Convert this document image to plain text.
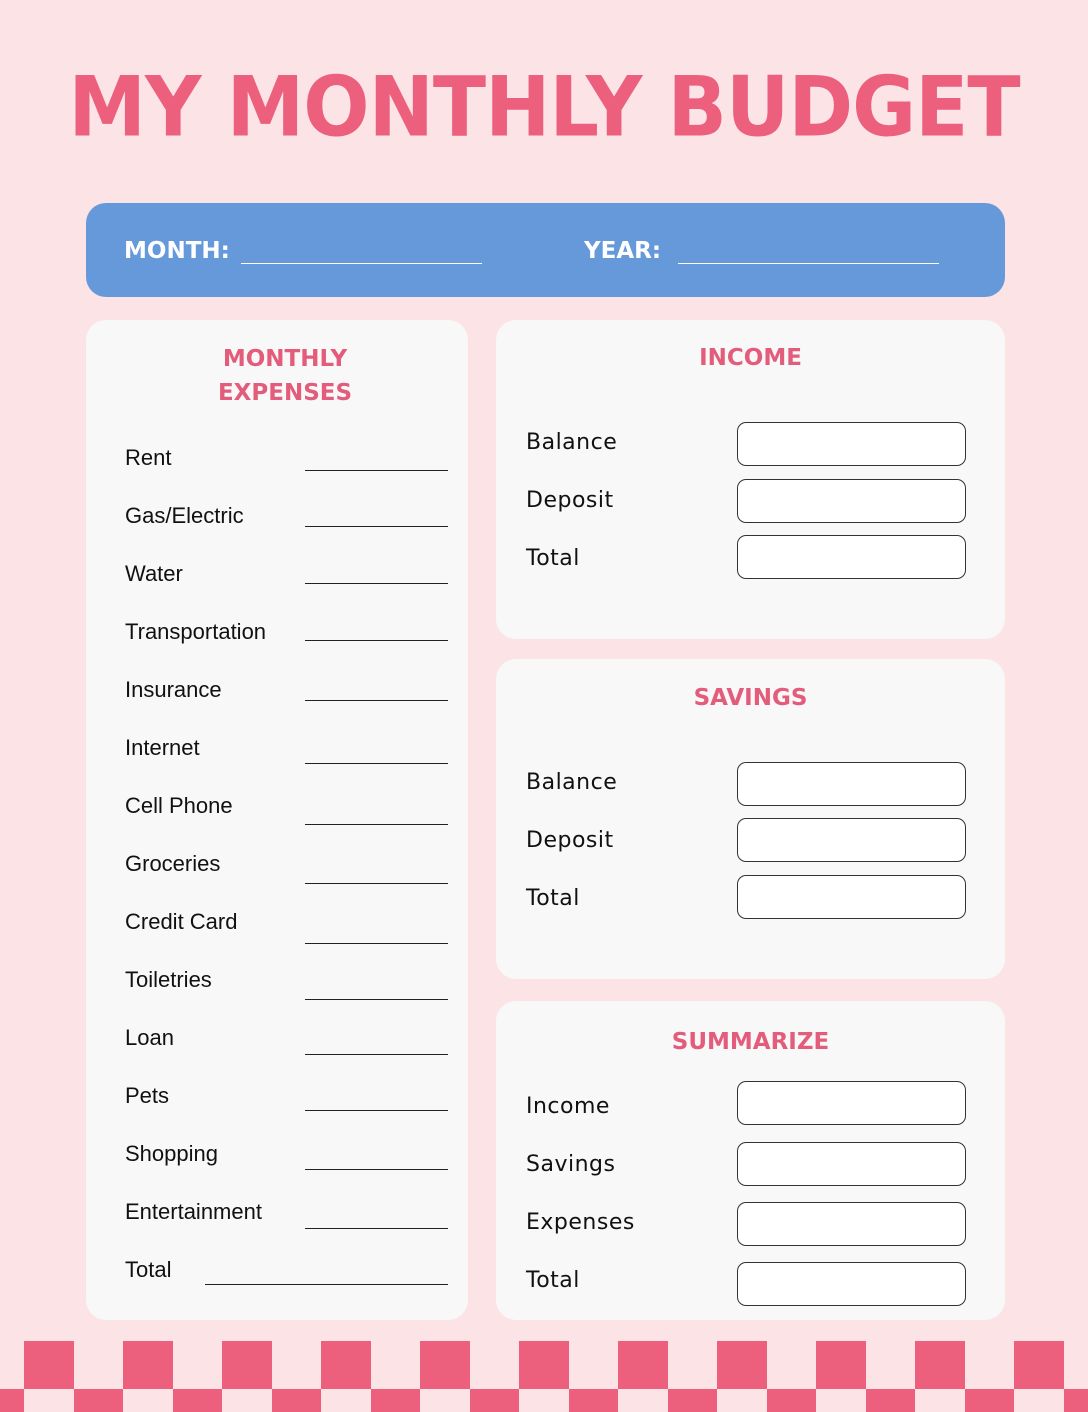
MY MONTHLY BUDGET
MONTH:	YEAR:
MONTHLY
EXPENSES
Rent
Gas/Electric
Water
Transportation
Insurance
Internet
Cell Phone
Groceries
Credit Card
Toiletries
Loan
Pets
Shopping
Entertainment
Total
INCOME
Balance
Deposit
Total
SAVINGS
Balance
Deposit
Total
SUMMARIZE
Income
Savings
Expenses
Total
